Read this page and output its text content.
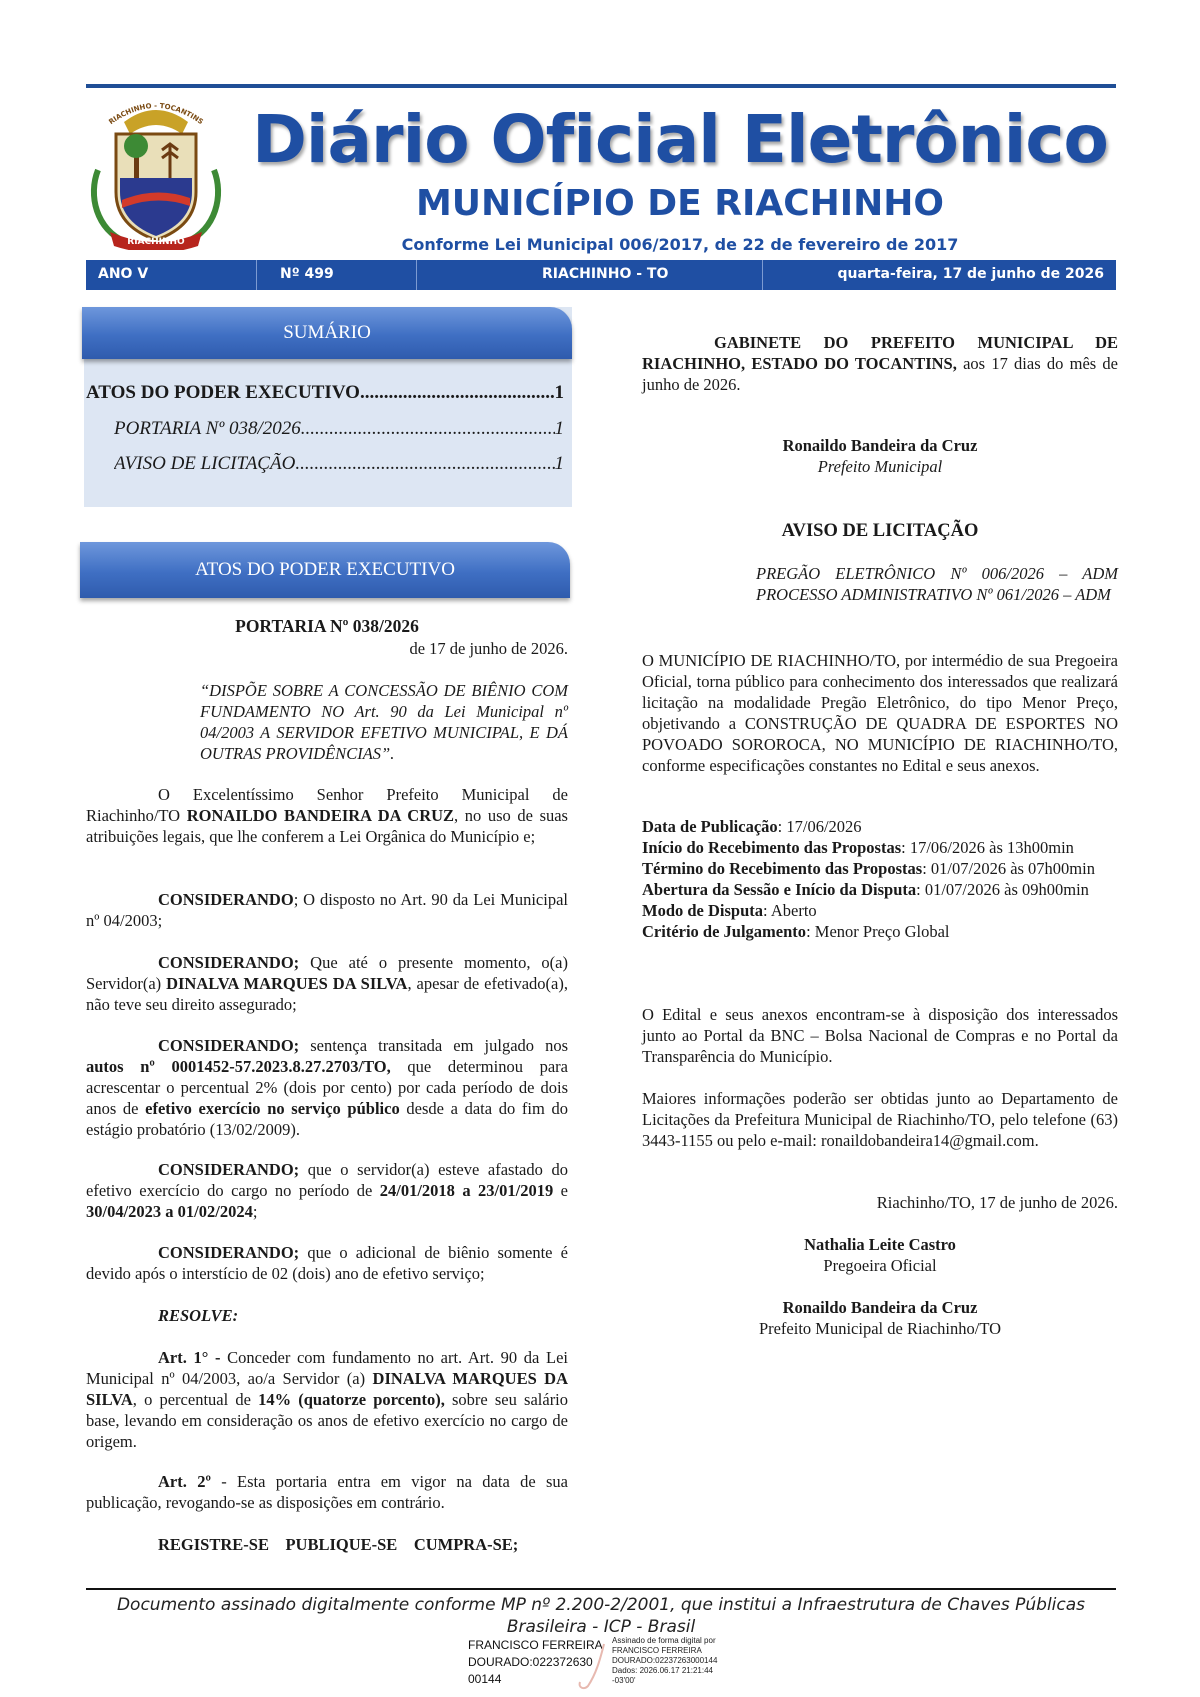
RIACHINHO
RIACHINHO - TOCANTINS Diário Oficial Eletrônico
MUNICÍPIO DE RIACHINHO
Conforme Lei Municipal 006/2017, de 22 de fevereiro de 2017
ANO V	Nº 499	RIACHINHO - TO	quarta-feira, 17 de junho de 2026
SUMÁRIO
ATOS DO PODER EXECUTIVO .....	1
PORTARIA Nº 038/2026 .....	1
AVISO DE LICITAÇÃO .....	1
ATOS DO PODER EXECUTIVO
PORTARIA Nº 038/2026
de 17 de junho de 2026.
“DISPÕE SOBRE A CONCESSÃO DE BIÊNIO COM FUNDAMENTO NO Art. 90 da Lei Municipal nº 04/2003 A SERVIDOR EFETIVO MUNICIPAL, E DÁ OUTRAS PROVIDÊNCIAS”.

O Excelentíssimo Senhor Prefeito Municipal de Riachinho/TO RONAILDO BANDEIRA DA CRUZ, no uso de suas atribuições legais, que lhe conferem a Lei Orgânica do Município e;

CONSIDERANDO; O disposto no Art. 90 da Lei Municipal nº 04/2003;

CONSIDERANDO; Que até o presente momento, o(a) Servidor(a) DINALVA MARQUES DA SILVA, apesar de efetivado(a), não teve seu direito assegurado;

CONSIDERANDO; sentença transitada em julgado nos autos nº 0001452-57.2023.8.27.2703/TO, que determinou para acrescentar o percentual 2% (dois por cento) por cada período de dois anos de efetivo exercício no serviço público desde a data do fim do estágio probatório (13/02/2009).

CONSIDERANDO; que o servidor(a) esteve afastado do efetivo exercício do cargo no período de 24/01/2018 a 23/01/2019 e 30/04/2023 a 01/02/2024;

CONSIDERANDO; que o adicional de biênio somente é devido após o interstício de 02 (dois) ano de efetivo serviço;

RESOLVE:

Art. 1° - Conceder com fundamento no art. Art. 90 da Lei Municipal nº 04/2003, ao/a Servidor (a) DINALVA MARQUES DA SILVA, o percentual de 14% (quatorze porcento), sobre seu salário base, levando em consideração os anos de efetivo exercício no cargo de origem.

Art. 2º - Esta portaria entra em vigor na data de sua publicação, revogando-se as disposições em contrário.

REGISTRE-SE    PUBLIQUE-SE    CUMPRA-SE;

GABINETE DO PREFEITO MUNICIPAL DE RIACHINHO, ESTADO DO TOCANTINS, aos 17 dias do mês de junho de 2026.

Ronaildo Bandeira da Cruz
Prefeito Municipal
AVISO DE LICITAÇÃO
PREGÃO ELETRÔNICO Nº 006/2026 – ADM PROCESSO ADMINISTRATIVO Nº 061/2026 – ADM
O MUNICÍPIO DE RIACHINHO/TO, por intermédio de sua Pregoeira Oficial, torna público para conhecimento dos interessados que realizará licitação na modalidade Pregão Eletrônico, do tipo Menor Preço, objetivando a CONSTRUÇÃO DE QUADRA DE ESPORTES NO POVOADO SOROROCA, NO MUNICÍPIO DE RIACHINHO/TO, conforme especificações constantes no Edital e seus anexos.

Data de Publicação: 17/06/2026

Início do Recebimento das Propostas: 17/06/2026 às 13h00min

Término do Recebimento das Propostas: 01/07/2026 às 07h00min

Abertura da Sessão e Início da Disputa: 01/07/2026 às 09h00min

Modo de Disputa: Aberto

Critério de Julgamento: Menor Preço Global

O Edital e seus anexos encontram-se à disposição dos interessados junto ao Portal da BNC – Bolsa Nacional de Compras e no Portal da Transparência do Município.
Maiores informações poderão ser obtidas junto ao Departamento de Licitações da Prefeitura Municipal de Riachinho/TO, pelo telefone (63) 3443-1155 ou pelo e-mail: ronaildobandeira14@gmail.com.
Riachinho/TO, 17 de junho de 2026.
Nathalia Leite Castro
Pregoeira Oficial
Ronaildo Bandeira da Cruz
Prefeito Municipal de Riachinho/TO
Documento assinado digitalmente conforme MP nº 2.200-2/2001, que institui a Infraestrutura de Chaves Públicas Brasileira - ICP - Brasil
FRANCISCO FERREIRA
DOURADO:022372630
00144
Assinado de forma digital por
FRANCISCO FERREIRA
DOURADO:02237263000144
Dados: 2026.06.17 21:21:44
-03'00'
